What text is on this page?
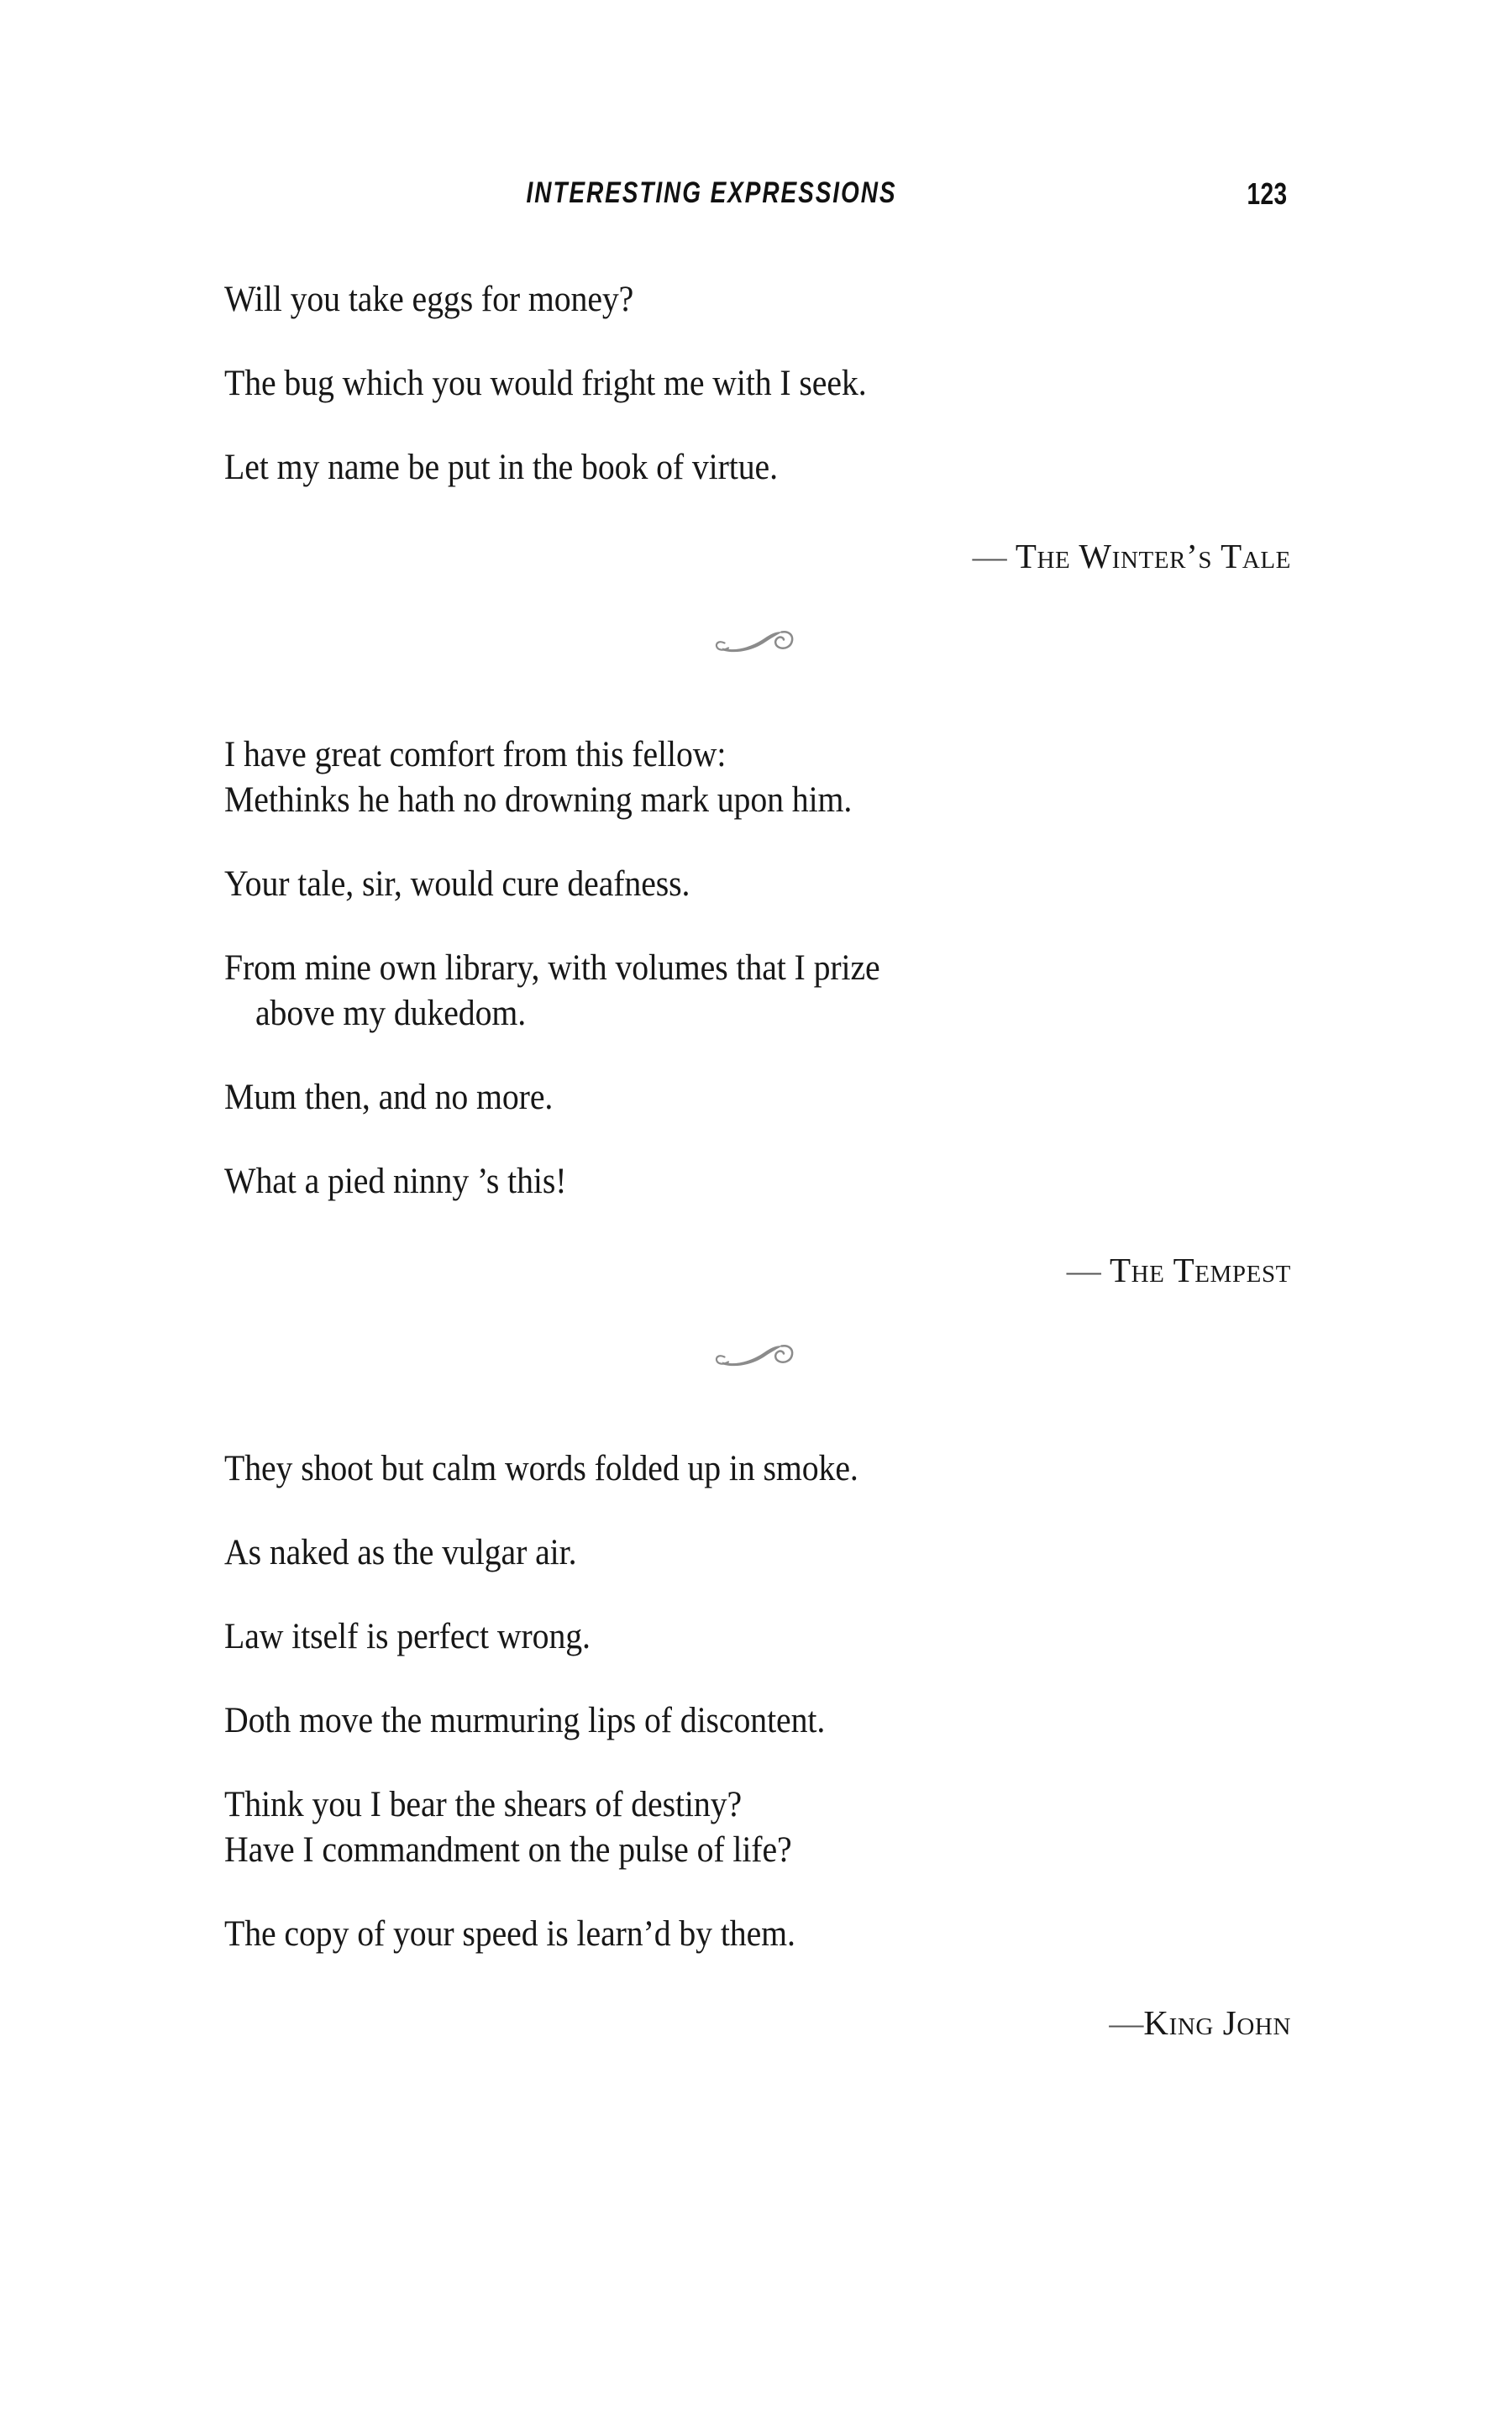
INTERESTING EXPRESSIONS	123
Will you take eggs for money?
The bug which you would fright me with I seek.
Let my name be put in the book of virtue.
— The Winter’s Tale
I have great comfort from this fellow:
Methinks he hath no drowning mark upon him.
Your tale, sir, would cure deafness.
From mine own library, with volumes that I prize
above my dukedom.
Mum then, and no more.
What a pied ninny ’s this!
— The Tempest
They shoot but calm words folded up in smoke.
As naked as the vulgar air.
Law itself is perfect wrong.
Doth move the murmuring lips of discontent.
Think you I bear the shears of destiny?
Have I commandment on the pulse of life?
The copy of your speed is learn’d by them.
—King John
